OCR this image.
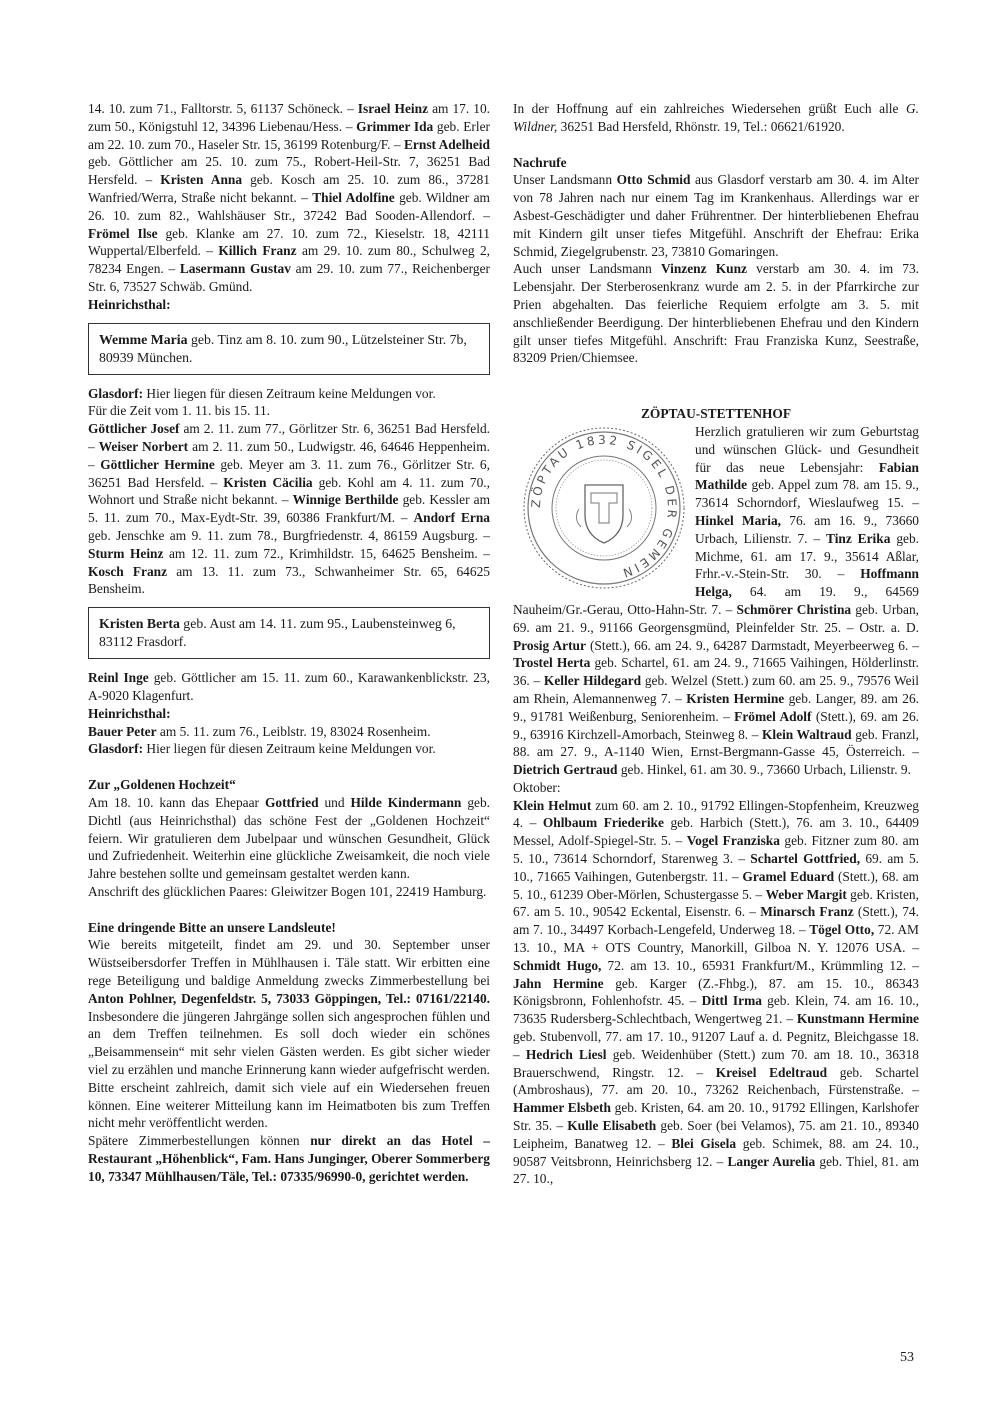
14. 10. zum 71., Falltorstr. 5, 61137 Schöneck. – Israel Heinz am 17. 10. zum 50., Königstuhl 12, 34396 Liebenau/Hess. – Grimmer Ida geb. Erler am 22. 10. zum 70., Haseler Str. 15, 36199 Rotenburg/F. – Ernst Adelheid geb. Göttlicher am 25. 10. zum 75., Robert-Heil-Str. 7, 36251 Bad Hersfeld. – Kristen Anna geb. Kosch am 25. 10. zum 86., 37281 Wanfried/Werra, Straße nicht bekannt. – Thiel Adolfine geb. Wildner am 26. 10. zum 82., Wahlshäuser Str., 37242 Bad Sooden-Allendorf. – Frömel Ilse geb. Klanke am 27. 10. zum 72., Kieselstr. 18, 42111 Wuppertal/Elberfeld. – Killich Franz am 29. 10. zum 80., Schulweg 2, 78234 Engen. – Lasermann Gustav am 29. 10. zum 77., Reichenberger Str. 6, 73527 Schwäb. Gmünd.

Heinrichsthal:

Wemme Maria geb. Tinz am 8. 10. zum 90., Lützelsteiner Str. 7b, 80939 München.

Glasdorf: Hier liegen für diesen Zeitraum keine Meldungen vor.

Für die Zeit vom 1. 11. bis 15. 11.

Göttlicher Josef am 2. 11. zum 77., Görlitzer Str. 6, 36251 Bad Hersfeld. – Weiser Norbert am 2. 11. zum 50., Ludwigstr. 46, 64646 Heppenheim. – Göttlicher Hermine geb. Meyer am 3. 11. zum 76., Görlitzer Str. 6, 36251 Bad Hersfeld. – Kristen Cäcilia geb. Kohl am 4. 11. zum 70., Wohnort und Straße nicht bekannt. – Winnige Berthilde geb. Kessler am 5. 11. zum 70., Max-Eydt-Str. 39, 60386 Frankfurt/M. – Andorf Erna geb. Jenschke am 9. 11. zum 78., Burgfriedenstr. 4, 86159 Augsburg. – Sturm Heinz am 12. 11. zum 72., Krimhildstr. 15, 64625 Bensheim. – Kosch Franz am 13. 11. zum 73., Schwanheimer Str. 65, 64625 Bensheim.

Kristen Berta geb. Aust am 14. 11. zum 95., Laubensteinweg 6, 83112 Frasdorf.

Reinl Inge geb. Göttlicher am 15. 11. zum 60., Karawankenblickstr. 23, A-9020 Klagenfurt.

Heinrichsthal:

Bauer Peter am 5. 11. zum 76., Leiblstr. 19, 83024 Rosenheim.

Glasdorf: Hier liegen für diesen Zeitraum keine Meldungen vor.

Zur „Goldenen Hochzeit“

Am 18. 10. kann das Ehepaar Gottfried und Hilde Kindermann geb. Dichtl (aus Heinrichsthal) das schöne Fest der „Goldenen Hochzeit“ feiern. Wir gratulieren dem Jubelpaar und wünschen Gesundheit, Glück und Zufriedenheit. Weiterhin eine glückliche Zweisamkeit, die noch viele Jahre bestehen sollte und gemeinsam gestaltet werden kann.

Anschrift des glücklichen Paares: Gleiwitzer Bogen 101, 22419 Hamburg.

Eine dringende Bitte an unsere Landsleute!

Wie bereits mitgeteilt, findet am 29. und 30. September unser Wüstseibersdorfer Treffen in Mühlhausen i. Täle statt. Wir erbitten eine rege Beteiligung und baldige Anmeldung zwecks Zimmerbestellung bei Anton Pohlner, Degenfeldstr. 5, 73033 Göppingen, Tel.: 07161/22140. Insbesondere die jüngeren Jahrgänge sollen sich angesprochen fühlen und an dem Treffen teilnehmen. Es soll doch wieder ein schönes „Beisammensein“ mit sehr vielen Gästen werden. Es gibt sicher wieder viel zu erzählen und manche Erinnerung kann wieder aufgefrischt werden. Bitte erscheint zahlreich, damit sich viele auf ein Wiedersehen freuen können. Eine weiterer Mitteilung kann im Heimatboten bis zum Treffen nicht mehr veröffentlicht werden.

Spätere Zimmerbestellungen können nur direkt an das Hotel – Restaurant „Höhenblick“, Fam. Hans Junginger, Oberer Sommerberg 10, 73347 Mühlhausen/Täle, Tel.: 07335/96990-0, gerichtet werden.

In der Hoffnung auf ein zahlreiches Wiedersehen grüßt Euch alle G. Wildner, 36251 Bad Hersfeld, Rhönstr. 19, Tel.: 06621/61920.

Nachrufe

Unser Landsmann Otto Schmid aus Glasdorf verstarb am 30. 4. im Alter von 78 Jahren nach nur einem Tag im Krankenhaus. Allerdings war er Asbest-Geschädigter und daher Frührentner. Der hinterbliebenen Ehefrau mit Kindern gilt unser tiefes Mitgefühl. Anschrift der Ehefrau: Erika Schmid, Ziegelgrubenstr. 23, 73810 Gomaringen.

Auch unser Landsmann Vinzenz Kunz verstarb am 30. 4. im 73. Lebensjahr. Der Sterberosenkranz wurde am 2. 5. in der Pfarrkirche zur Prien abgehalten. Das feierliche Requiem erfolgte am 3. 5. mit anschließender Beerdigung. Der hinterbliebenen Ehefrau und den Kindern gilt unser tiefes Mitgefühl. Anschrift: Frau Franziska Kunz, Seestraße, 83209 Prien/Chiemsee.

ZÖPTAU-STETTENHOF

ZÖPTAU 1832 SIGEL DER GEMEIN

Herzlich gratulieren wir zum Geburtstag und wünschen Glück- und Gesundheit für das neue Lebensjahr: Fabian Mathilde geb. Appel zum 78. am 15. 9., 73614 Schorndorf, Wieslaufweg 15. – Hinkel Maria, 76. am 16. 9., 73660 Urbach, Lilienstr. 7. – Tinz Erika geb. Michme, 61. am 17. 9., 35614 Aßlar, Frhr.-v.-Stein-Str. 30. – Hoffmann Helga, 64. am 19. 9., 64569 Nauheim/Gr.-Gerau, Otto-Hahn-Str. 7. – Schmörer Christina geb. Urban, 69. am 21. 9., 91166 Georgensgmünd, Pleinfelder Str. 25. – Ostr. a. D. Prosig Artur (Stett.), 66. am 24. 9., 64287 Darmstadt, Meyerbeerweg 6. – Trostel Herta geb. Schartel, 61. am 24. 9., 71665 Vaihingen, Hölderlinstr. 36. – Keller Hildegard geb. Welzel (Stett.) zum 60. am 25. 9., 79576 Weil am Rhein, Alemannenweg 7. – Kristen Hermine geb. Langer, 89. am 26. 9., 91781 Weißenburg, Seniorenheim. – Frömel Adolf (Stett.), 69. am 26. 9., 63916 Kirchzell-Amorbach, Steinweg 8. – Klein Waltraud geb. Franzl, 88. am 27. 9., A-1140 Wien, Ernst-Bergmann-Gasse 45, Österreich. – Dietrich Gertraud geb. Hinkel, 61. am 30. 9., 73660 Urbach, Lilienstr. 9.

Oktober:

Klein Helmut zum 60. am 2. 10., 91792 Ellingen-Stopfenheim, Kreuzweg 4. – Ohlbaum Friederike geb. Harbich (Stett.), 76. am 3. 10., 64409 Messel, Adolf-Spiegel-Str. 5. – Vogel Franziska geb. Fitzner zum 80. am 5. 10., 73614 Schorndorf, Starenweg 3. – Schartel Gottfried, 69. am 5. 10., 71665 Vaihingen, Gutenbergstr. 11. – Gramel Eduard (Stett.), 68. am 5. 10., 61239 Ober-Mörlen, Schustergasse 5. – Weber Margit geb. Kristen, 67. am 5. 10., 90542 Eckental, Eisenstr. 6. – Minarsch Franz (Stett.), 74. am 7. 10., 34497 Korbach-Lengefeld, Underweg 18. – Tögel Otto, 72. AM 13. 10., MA + OTS Country, Manorkill, Gilboa N. Y. 12076 USA. – Schmidt Hugo, 72. am 13. 10., 65931 Frankfurt/M., Krümmling 12. – Jahn Hermine geb. Karger (Z.-Fhbg.), 87. am 15. 10., 86343 Königsbronn, Fohlenhofstr. 45. – Dittl Irma geb. Klein, 74. am 16. 10., 73635 Rudersberg-Schlechtbach, Wengertweg 21. – Kunstmann Hermine geb. Stubenvoll, 77. am 17. 10., 91207 Lauf a. d. Pegnitz, Bleichgasse 18. – Hedrich Liesl geb. Weidenhüber (Stett.) zum 70. am 18. 10., 36318 Brauerschwend, Ringstr. 12. – Kreisel Edeltraud geb. Schartel (Ambroshaus), 77. am 20. 10., 73262 Reichenbach, Fürstenstraße. – Hammer Elsbeth geb. Kristen, 64. am 20. 10., 91792 Ellingen, Karlshofer Str. 35. – Kulle Elisabeth geb. Soer (bei Velamos), 75. am 21. 10., 89340 Leipheim, Banatweg 12. – Blei Gisela geb. Schimek, 88. am 24. 10., 90587 Veitsbronn, Heinrichsberg 12. – Langer Aurelia geb. Thiel, 81. am 27. 10.,

53
